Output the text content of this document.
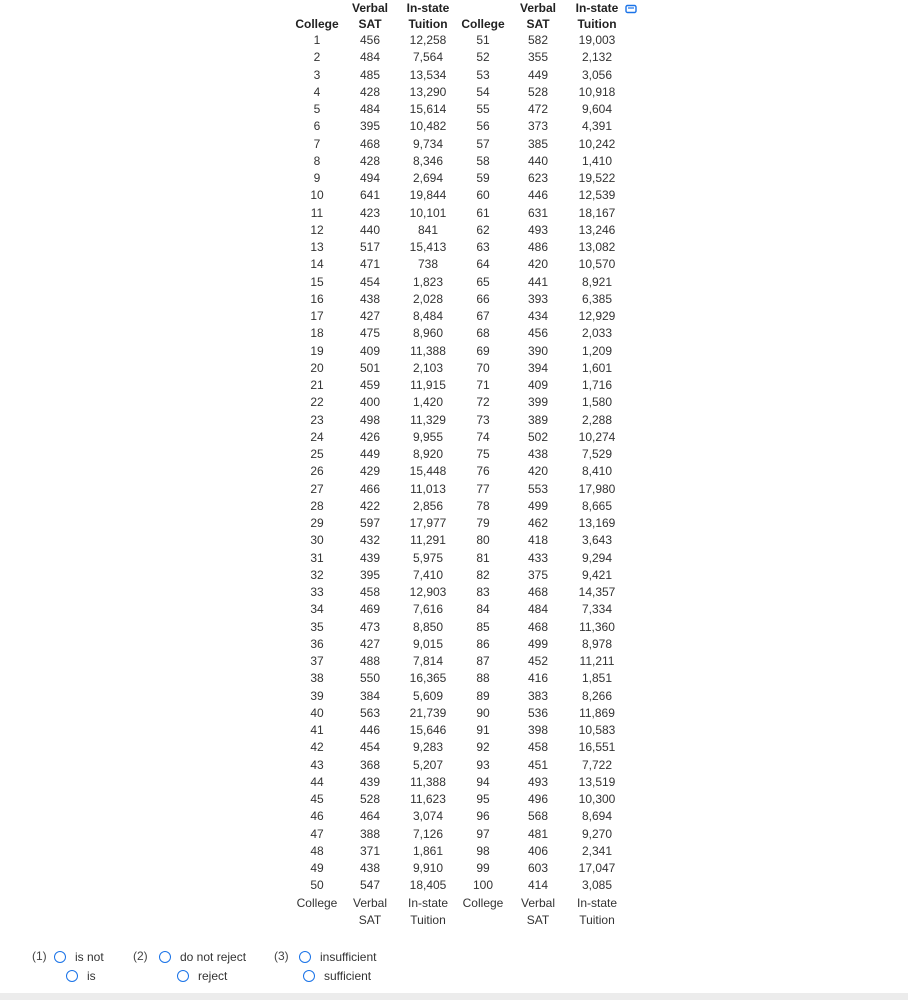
	Verbal	In-state		Verbal	In-state
College	SAT	Tuition	College	SAT	Tuition
1	456	12,258	51	582	19,003
2	484	7,564	52	355	2,132
3	485	13,534	53	449	3,056
4	428	13,290	54	528	10,918
5	484	15,614	55	472	9,604
6	395	10,482	56	373	4,391
7	468	9,734	57	385	10,242
8	428	8,346	58	440	1,410
9	494	2,694	59	623	19,522
10	641	19,844	60	446	12,539
11	423	10,101	61	631	18,167
12	440	841	62	493	13,246
13	517	15,413	63	486	13,082
14	471	738	64	420	10,570
15	454	1,823	65	441	8,921
16	438	2,028	66	393	6,385
17	427	8,484	67	434	12,929
18	475	8,960	68	456	2,033
19	409	11,388	69	390	1,209
20	501	2,103	70	394	1,601
21	459	11,915	71	409	1,716
22	400	1,420	72	399	1,580
23	498	11,329	73	389	2,288
24	426	9,955	74	502	10,274
25	449	8,920	75	438	7,529
26	429	15,448	76	420	8,410
27	466	11,013	77	553	17,980
28	422	2,856	78	499	8,665
29	597	17,977	79	462	13,169
30	432	11,291	80	418	3,643
31	439	5,975	81	433	9,294
32	395	7,410	82	375	9,421
33	458	12,903	83	468	14,357
34	469	7,616	84	484	7,334
35	473	8,850	85	468	11,360
36	427	9,015	86	499	8,978
37	488	7,814	87	452	11,211
38	550	16,365	88	416	1,851
39	384	5,609	89	383	8,266
40	563	21,739	90	536	11,869
41	446	15,646	91	398	10,583
42	454	9,283	92	458	16,551
43	368	5,207	93	451	7,722
44	439	11,388	94	493	13,519
45	528	11,623	95	496	10,300
46	464	3,074	96	568	8,694
47	388	7,126	97	481	9,270
48	371	1,861	98	406	2,341
49	438	9,910	99	603	17,047
50	547	18,405	100	414	3,085
College	Verbal	In-state	College	Verbal	In-state
	SAT	Tuition		SAT	Tuition
(1) is not
is
(2)	do not reject
reject
(3)	insufficient
sufficient
